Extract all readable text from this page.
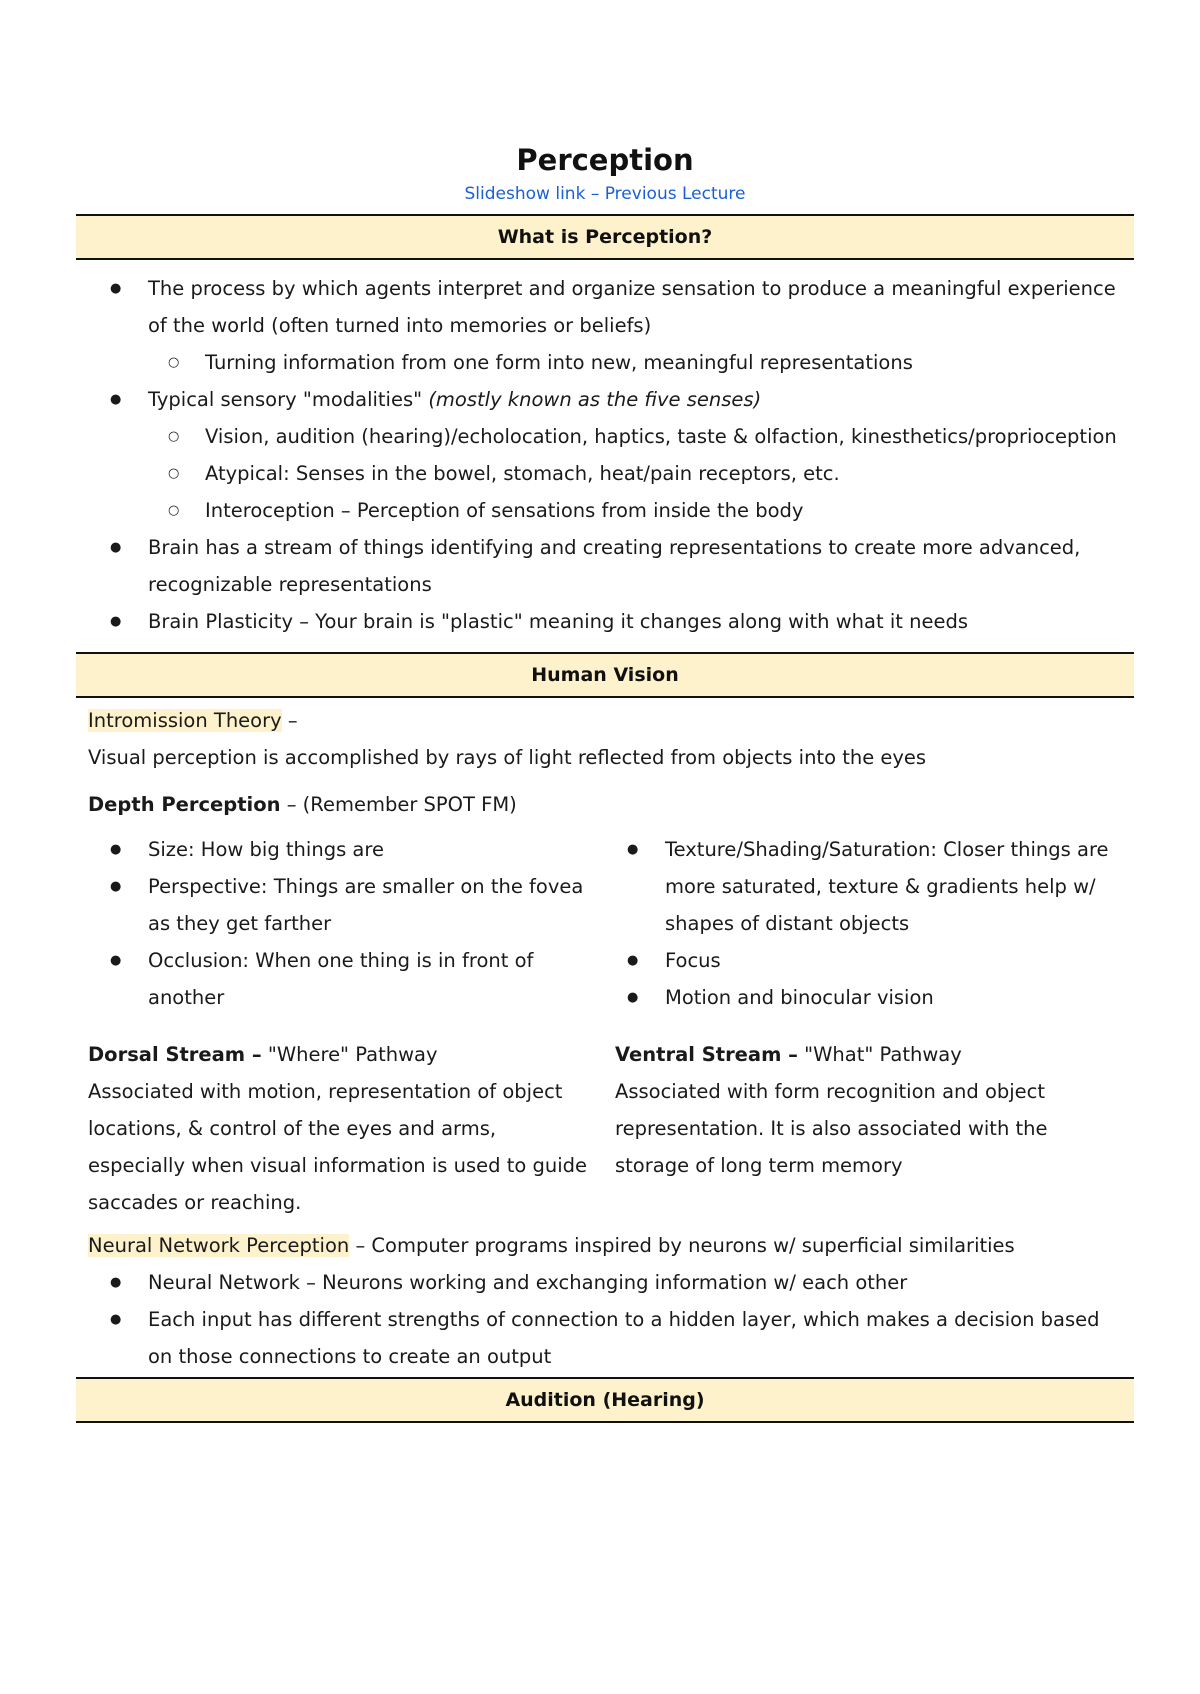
Perception
Slideshow link – Previous Lecture
What is Perception?
● The process by which agents interpret and organize sensation to produce a meaningful experience of the world (often turned into memories or beliefs)
○ Turning information from one form into new, meaningful representations
● Typical sensory "modalities" (mostly known as the five senses)
○ Vision, audition (hearing)/echolocation, haptics, taste & olfaction, kinesthetics/proprioception
○ Atypical: Senses in the bowel, stomach, heat/pain receptors, etc.
○ Interoception – Perception of sensations from inside the body
● Brain has a stream of things identifying and creating representations to create more advanced, recognizable representations
● Brain Plasticity – Your brain is "plastic" meaning it changes along with what it needs
Human Vision

Intromission Theory –

Visual perception is accomplished by rays of light reflected from objects into the eyes

Depth Perception – (Remember SPOT FM)

● Size: How big things are
● Perspective: Things are smaller on the fovea as they get farther
● Occlusion: When one thing is in front of another
● Texture/Shading/Saturation: Closer things are more saturated, texture & gradients help w/ shapes of distant objects
● Focus
● Motion and binocular vision

Dorsal Stream – "Where" Pathway

Associated with motion, representation of object locations, & control of the eyes and arms, especially when visual information is used to guide saccades or reaching.

Ventral Stream – "What" Pathway

Associated with form recognition and object representation. It is also associated with the storage of long term memory

Neural Network Perception – Computer programs inspired by neurons w/ superficial similarities

● Neural Network – Neurons working and exchanging information w/ each other
● Each input has different strengths of connection to a hidden layer, which makes a decision based on those connections to create an output
Audition (Hearing)
